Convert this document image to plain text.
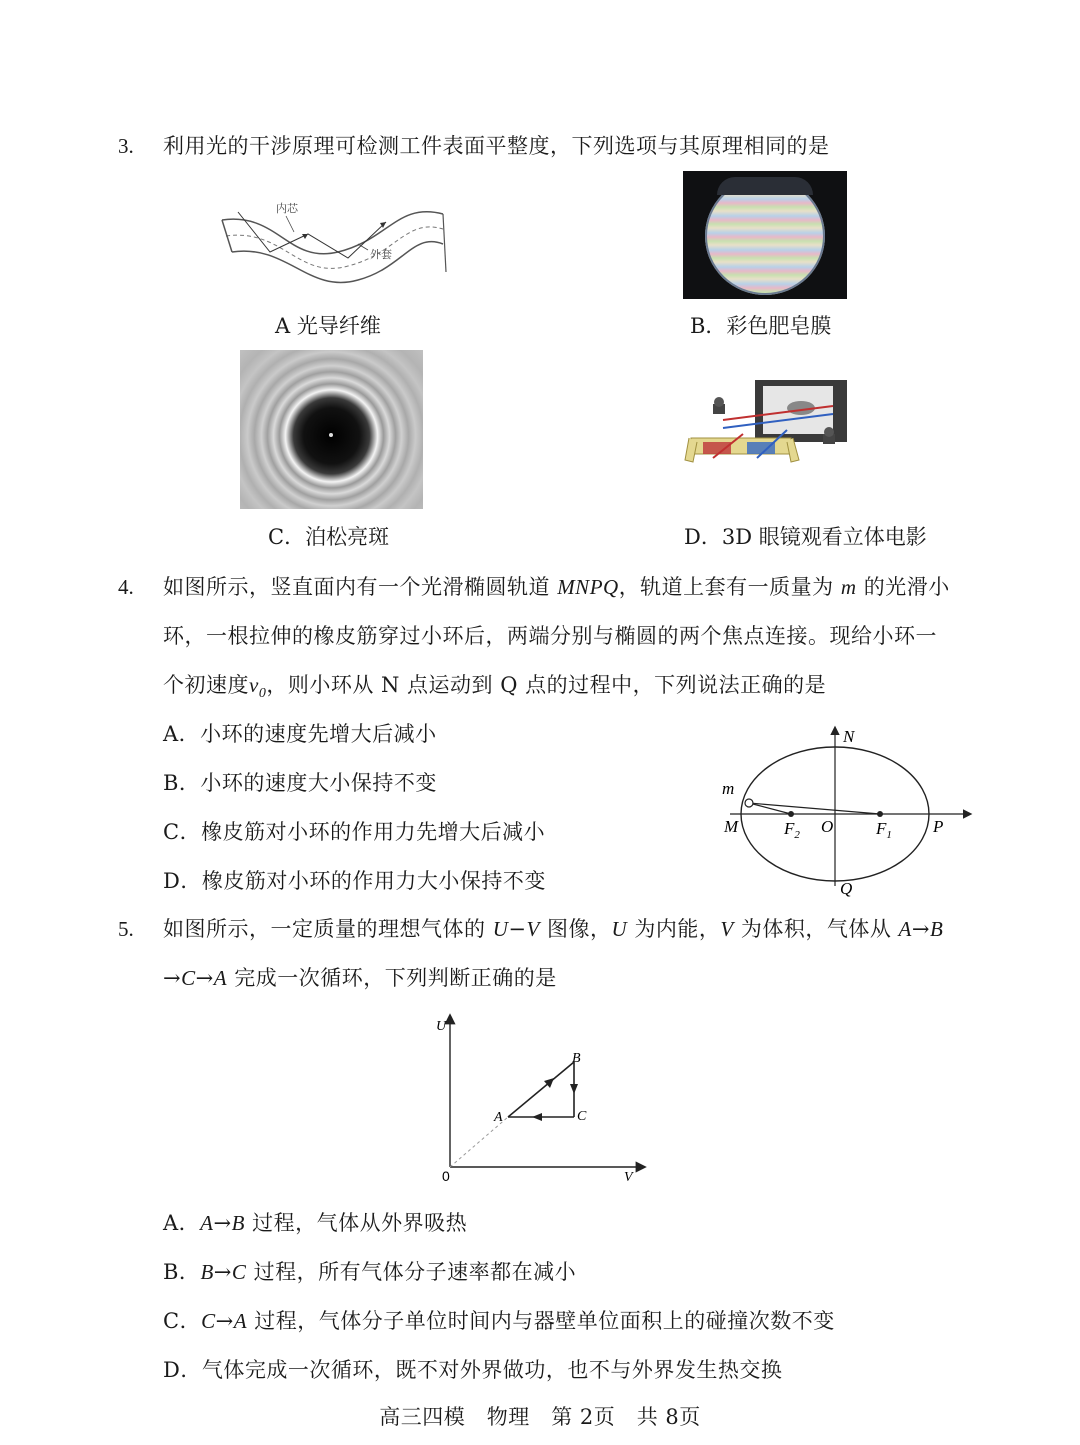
3. 利用光的干涉原理可检测工件表面平整度，下列选项与其原理相同的是
内芯
外套
A 光导纤维	B．彩色肥皂膜
C．泊松亮斑	D．3D 眼镜观看立体电影
4. 如图所示，竖直面内有一个光滑椭圆轨道 MNPQ，轨道上套有一质量为 m 的光滑小
环，一根拉伸的橡皮筋穿过小环后，两端分别与椭圆的两个焦点连接。现给小环一
个初速度$v_0$，则小环从 N 点运动到 Q 点的过程中，下列说法正确的是
A．小环的速度先增大后减小
B．小环的速度大小保持不变
C．橡皮筋对小环的作用力先增大后减小
D．橡皮筋对小环的作用力大小保持不变
N
Q
M	P
O
m
$F_2$	$F_1$
5. 如图所示，一定质量的理想气体的 U−V 图像，U 为内能，V 为体积，气体从 A→B
→C→A 完成一次循环，下列判断正确的是
U
V
0
A
B
C
A．A→B 过程，气体从外界吸热
B．B→C 过程，所有气体分子速率都在减小
C．C→A 过程，气体分子单位时间内与器壁单位面积上的碰撞次数不变
D．气体完成一次循环，既不对外界做功，也不与外界发生热交换
高三四模　物理　第 2页　共 8页
